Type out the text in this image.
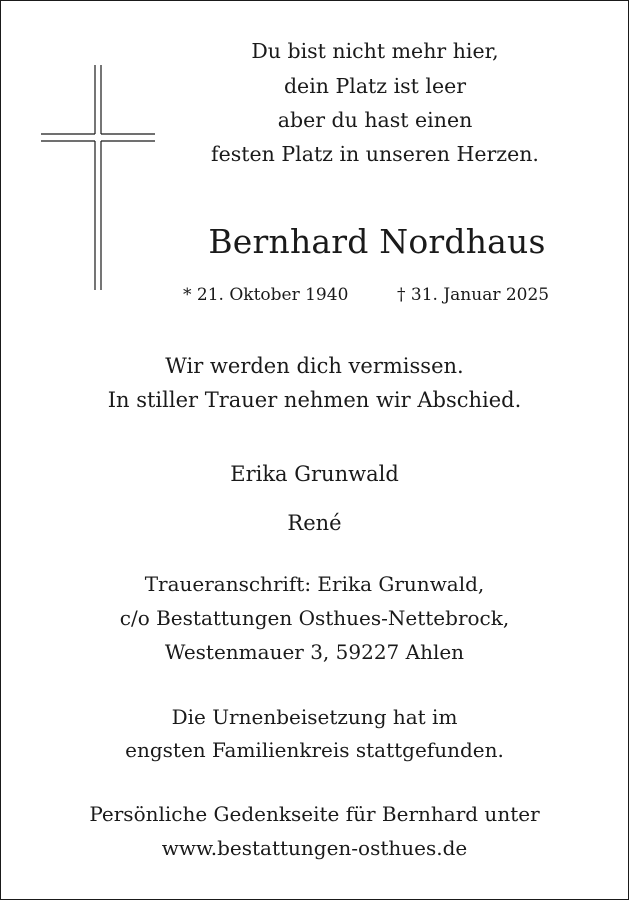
Du bist nicht mehr hier,
dein Platz ist leer
aber du hast einen
festen Platz in unseren Herzen.
Bernhard Nordhaus
* 21. Oktober 1940	† 31. Januar 2025
Wir werden dich vermissen.
In stiller Trauer nehmen wir Abschied.
Erika Grunwald
René
Traueranschrift: Erika Grunwald,
c/o Bestattungen Osthues-Nettebrock,
Westenmauer 3, 59227 Ahlen
Die Urnenbeisetzung hat im
engsten Familienkreis stattgefunden.
Persönliche Gedenkseite für Bernhard unter
www.bestattungen-osthues.de
